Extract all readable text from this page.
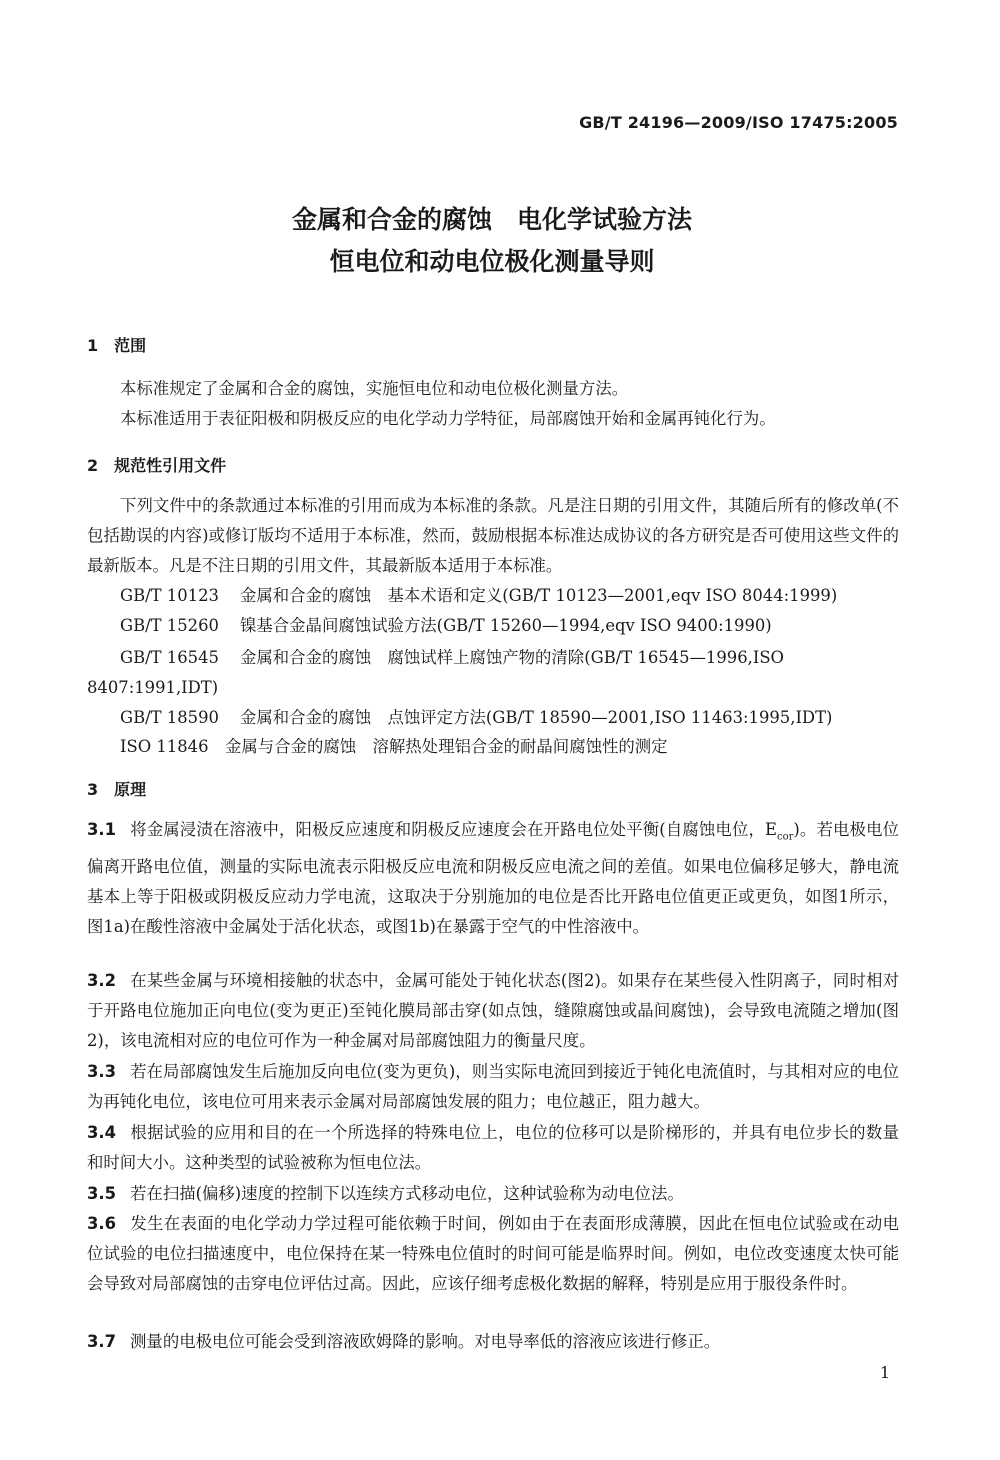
GB/T 24196—2009/ISO 17475:2005
金属和合金的腐蚀　电化学试验方法
恒电位和动电位极化测量导则
1　范围
本标准规定了金属和合金的腐蚀，实施恒电位和动电位极化测量方法。
本标准适用于表征阳极和阴极反应的电化学动力学特征，局部腐蚀开始和金属再钝化行为。
2　规范性引用文件
下列文件中的条款通过本标准的引用而成为本标准的条款。凡是注日期的引用文件，其随后所有的修改单(不包括勘误的内容)或修订版均不适用于本标准，然而，鼓励根据本标准达成协议的各方研究是否可使用这些文件的最新版本。凡是不注日期的引用文件，其最新版本适用于本标准。
GB/T 10123 金属和合金的腐蚀　基本术语和定义(GB/T 10123—2001,eqv ISO 8044:1999)
GB/T 15260 镍基合金晶间腐蚀试验方法(GB/T 15260—1994,eqv ISO 9400:1990)
GB/T 16545 金属和合金的腐蚀　腐蚀试样上腐蚀产物的清除(GB/T 16545—1996,ISO 8407:1991,IDT)
GB/T 18590 金属和合金的腐蚀　点蚀评定方法(GB/T 18590—2001,ISO 11463:1995,IDT)
ISO 11846 金属与合金的腐蚀　溶解热处理铝合金的耐晶间腐蚀性的测定
3　原理
3.1 将金属浸渍在溶液中，阳极反应速度和阴极反应速度会在开路电位处平衡(自腐蚀电位，$E_{cor}$)。若电极电位偏离开路电位值，测量的实际电流表示阳极反应电流和阴极反应电流之间的差值。如果电位偏移足够大，静电流基本上等于阳极或阴极反应动力学电流，这取决于分别施加的电位是否比开路电位值更正或更负，如图1所示，图1a)在酸性溶液中金属处于活化状态，或图1b)在暴露于空气的中性溶液中。
3.2 在某些金属与环境相接触的状态中，金属可能处于钝化状态(图2)。如果存在某些侵入性阴离子，同时相对于开路电位施加正向电位(变为更正)至钝化膜局部击穿(如点蚀，缝隙腐蚀或晶间腐蚀)，会导致电流随之增加(图2)，该电流相对应的电位可作为一种金属对局部腐蚀阻力的衡量尺度。
3.3 若在局部腐蚀发生后施加反向电位(变为更负)，则当实际电流回到接近于钝化电流值时，与其相对应的电位为再钝化电位，该电位可用来表示金属对局部腐蚀发展的阻力；电位越正，阻力越大。
3.4 根据试验的应用和目的在一个所选择的特殊电位上，电位的位移可以是阶梯形的，并具有电位步长的数量和时间大小。这种类型的试验被称为恒电位法。
3.5 若在扫描(偏移)速度的控制下以连续方式移动电位，这种试验称为动电位法。
3.6 发生在表面的电化学动力学过程可能依赖于时间，例如由于在表面形成薄膜，因此在恒电位试验或在动电位试验的电位扫描速度中，电位保持在某一特殊电位值时的时间可能是临界时间。例如，电位改变速度太快可能会导致对局部腐蚀的击穿电位评估过高。因此，应该仔细考虑极化数据的解释，特别是应用于服役条件时。
3.7 测量的电极电位可能会受到溶液欧姆降的影响。对电导率低的溶液应该进行修正。
1
